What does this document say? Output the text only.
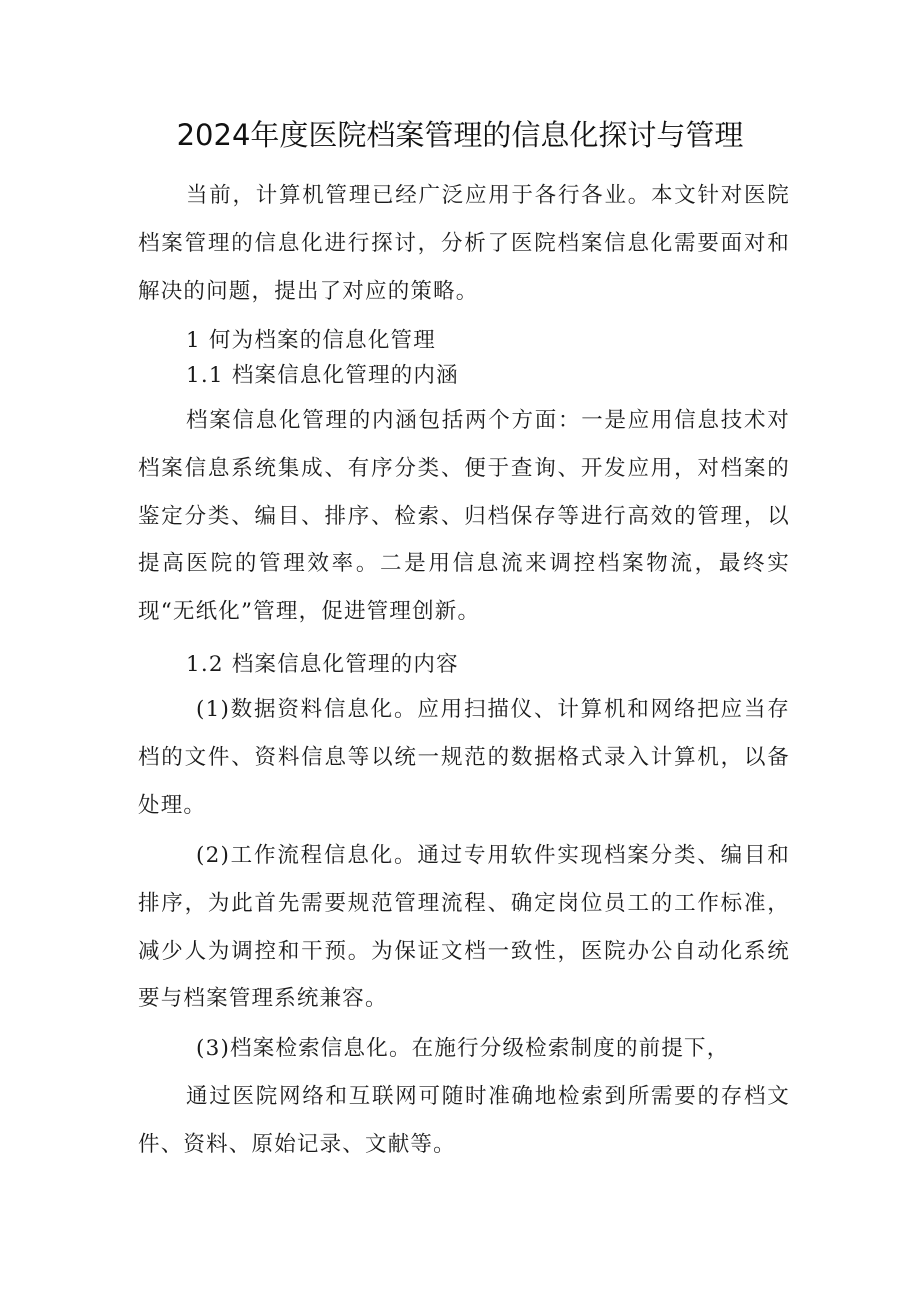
2024年度医院档案管理的信息化探讨与管理

当前，计算机管理已经广泛应用于各行各业。本文针对医院档案管理的信息化进行探讨，分析了医院档案信息化需要面对和解决的问题，提出了对应的策略。

1 何为档案的信息化管理

1.1 档案信息化管理的内涵

档案信息化管理的内涵包括两个方面：一是应用信息技术对档案信息系统集成、有序分类、便于查询、开发应用，对档案的鉴定分类、编目、排序、检索、归档保存等进行高效的管理，以提高医院的管理效率。二是用信息流来调控档案物流，最终实现“无纸化”管理，促进管理创新。

1.2 档案信息化管理的内容

(1)数据资料信息化。应用扫描仪、计算机和网络把应当存档的文件、资料信息等以统一规范的数据格式录入计算机，以备处理。

(2)工作流程信息化。通过专用软件实现档案分类、编目和排序，为此首先需要规范管理流程、确定岗位员工的工作标准，减少人为调控和干预。为保证文档一致性，医院办公自动化系统要与档案管理系统兼容。

(3)档案检索信息化。在施行分级检索制度的前提下，

通过医院网络和互联网可随时准确地检索到所需要的存档文件、资料、原始记录、文献等。
